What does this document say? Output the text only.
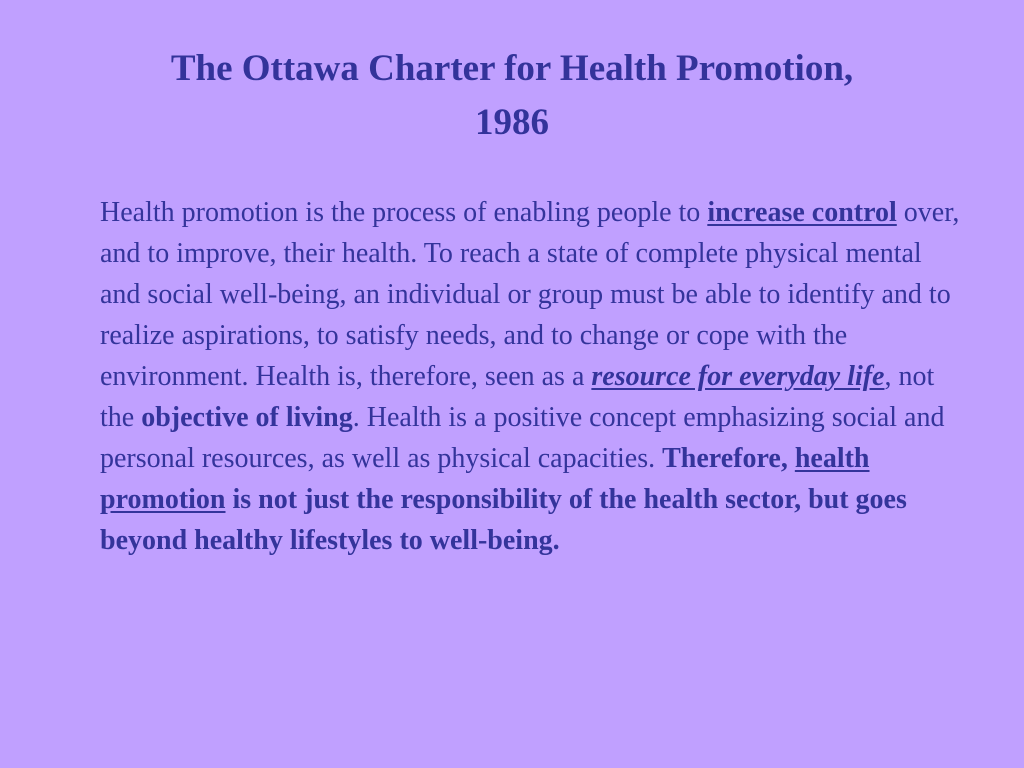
The Ottawa Charter for Health Promotion,
1986

Health promotion is the process of enabling people to increase control over, and to improve, their health. To reach a state of complete physical mental and social well-being, an individual or group must be able to identify and to realize aspirations, to satisfy needs, and to change or cope with the environment. Health is, therefore, seen as a resource for everyday life, not the objective of living. Health is a positive concept emphasizing social and personal resources, as well as physical capacities. Therefore, health promotion is not just the responsibility of the health sector, but goes beyond healthy lifestyles to well-being.
